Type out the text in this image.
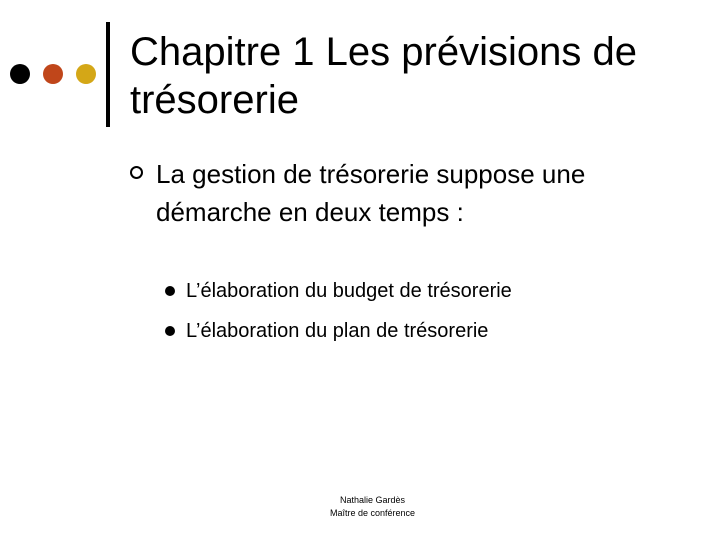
Chapitre 1 Les prévisions de trésorerie
La gestion de trésorerie suppose une démarche en deux temps :
L’élaboration du budget de trésorerie
L’élaboration du plan de trésorerie
Nathalie Gardès
Maître de conférence
